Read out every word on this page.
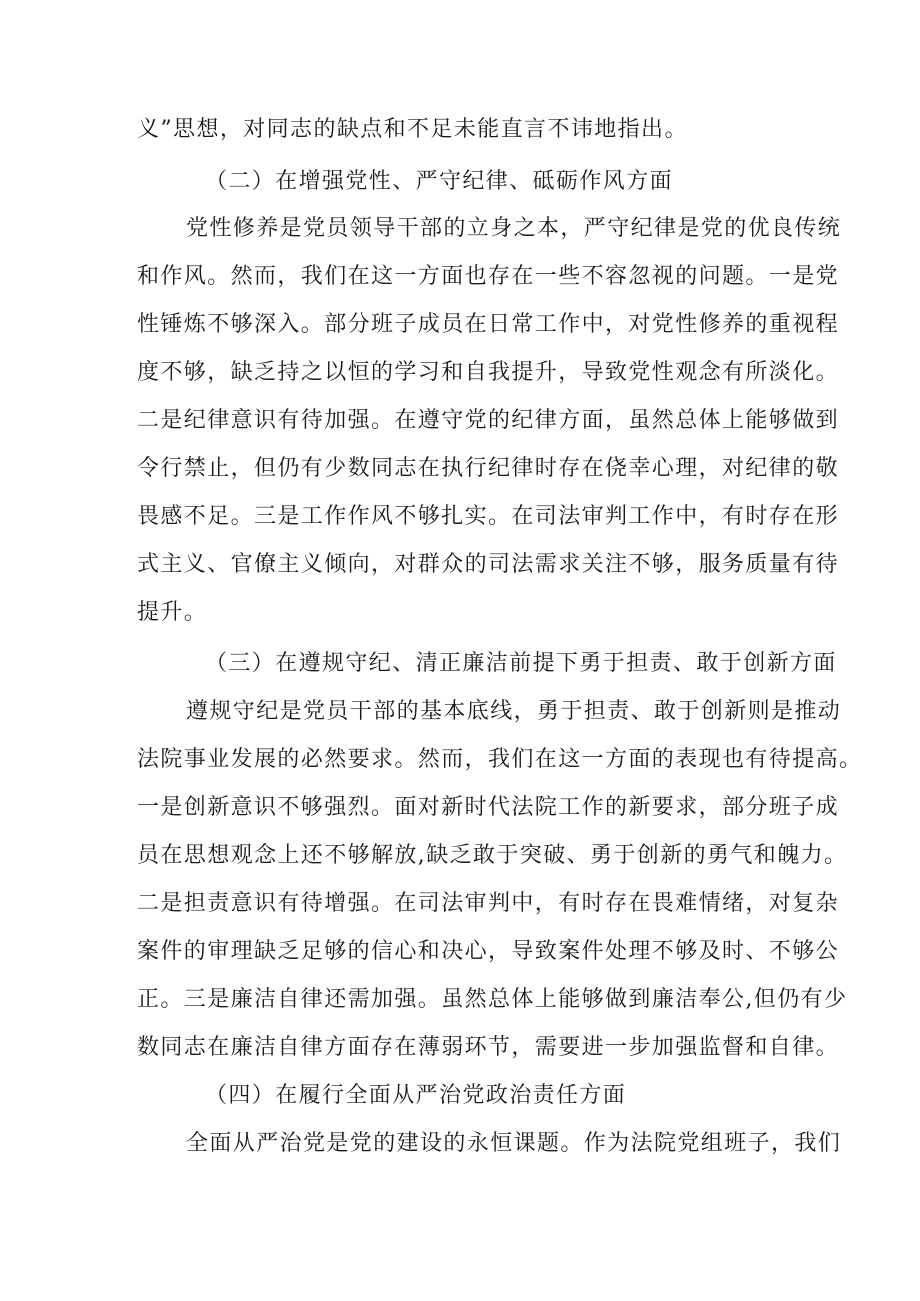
义”思想，对同志的缺点和不足未能直言不讳地指出。
（二）在增强党性、严守纪律、砥砺作风方面
党性修养是党员领导干部的立身之本，严守纪律是党的优良传统
和作风。然而，我们在这一方面也存在一些不容忽视的问题。一是党
性锤炼不够深入。部分班子成员在日常工作中，对党性修养的重视程
度不够，缺乏持之以恒的学习和自我提升，导致党性观念有所淡化。
二是纪律意识有待加强。在遵守党的纪律方面，虽然总体上能够做到
令行禁止，但仍有少数同志在执行纪律时存在侥幸心理，对纪律的敬
畏感不足。三是工作作风不够扎实。在司法审判工作中，有时存在形
式主义、官僚主义倾向，对群众的司法需求关注不够，服务质量有待
提升。
（三）在遵规守纪、清正廉洁前提下勇于担责、敢于创新方面
遵规守纪是党员干部的基本底线，勇于担责、敢于创新则是推动
法院事业发展的必然要求。然而，我们在这一方面的表现也有待提高。
一是创新意识不够强烈。面对新时代法院工作的新要求，部分班子成
员在思想观念上还不够解放,缺乏敢于突破、勇于创新的勇气和魄力。
二是担责意识有待增强。在司法审判中，有时存在畏难情绪，对复杂
案件的审理缺乏足够的信心和决心，导致案件处理不够及时、不够公
正。三是廉洁自律还需加强。虽然总体上能够做到廉洁奉公,但仍有少
数同志在廉洁自律方面存在薄弱环节，需要进一步加强监督和自律。
（四）在履行全面从严治党政治责任方面
全面从严治党是党的建设的永恒课题。作为法院党组班子，我们
